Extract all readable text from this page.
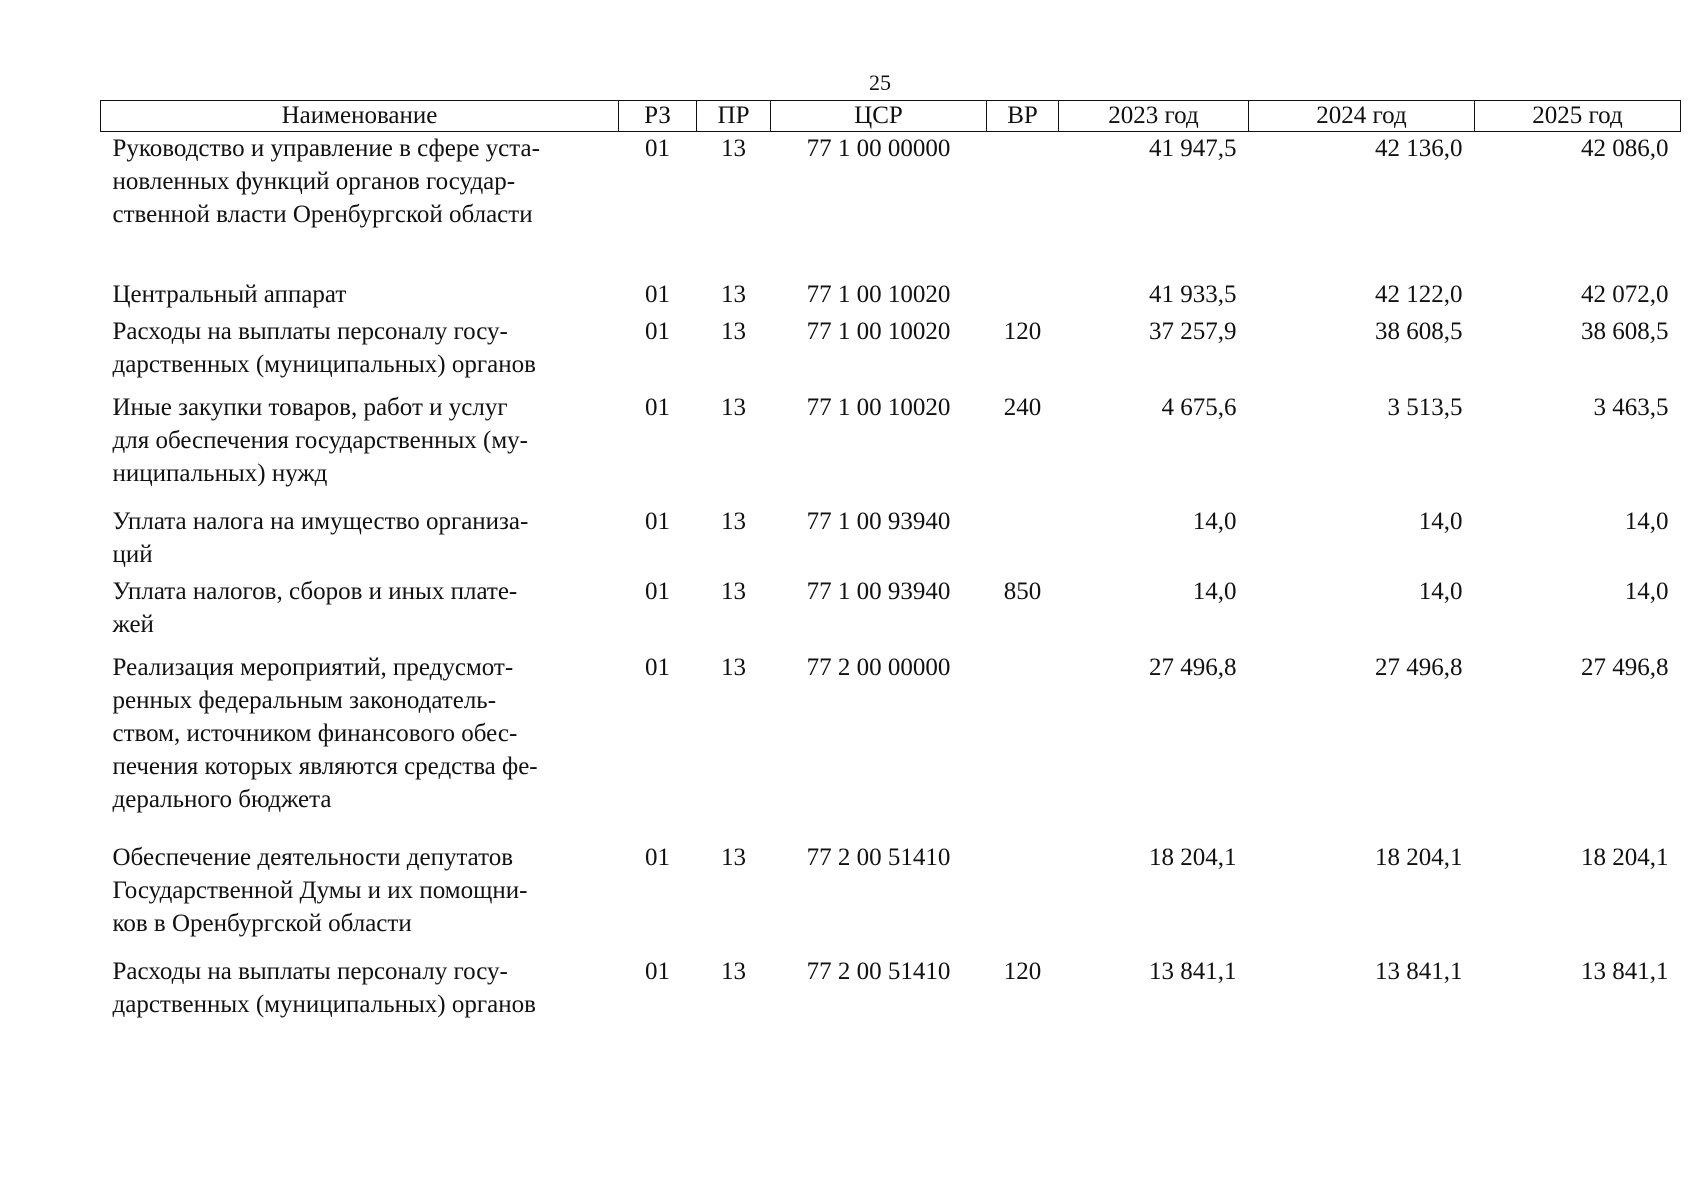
25
Наименование	РЗ	ПР	ЦСР	ВР	2023 год	2024 год	2025 год
Руководство и управление в сфере уста-
новленных функций органов государ-
ственной власти Оренбургской области	01	13	77 1 00 00000		41 947,5	42 136,0	42 086,0
Центральный аппарат	01	13	77 1 00 10020		41 933,5	42 122,0	42 072,0
Расходы на выплаты персоналу госу-
дарственных (муниципальных) органов	01	13	77 1 00 10020	120	37 257,9	38 608,5	38 608,5
Иные закупки товаров, работ и услуг
для обеспечения государственных (му-
ниципальных) нужд	01	13	77 1 00 10020	240	4 675,6	3 513,5	3 463,5
Уплата налога на имущество организа-
ций	01	13	77 1 00 93940		14,0	14,0	14,0
Уплата налогов, сборов и иных плате-
жей	01	13	77 1 00 93940	850	14,0	14,0	14,0
Реализация мероприятий, предусмот-
ренных федеральным законодатель-
ством, источником финансового обес-
печения которых являются средства фе-
дерального бюджета	01	13	77 2 00 00000		27 496,8	27 496,8	27 496,8
Обеспечение деятельности депутатов
Государственной Думы и их помощни-
ков в Оренбургской области	01	13	77 2 00 51410		18 204,1	18 204,1	18 204,1
Расходы на выплаты персоналу госу-
дарственных (муниципальных) органов	01	13	77 2 00 51410	120	13 841,1	13 841,1	13 841,1
